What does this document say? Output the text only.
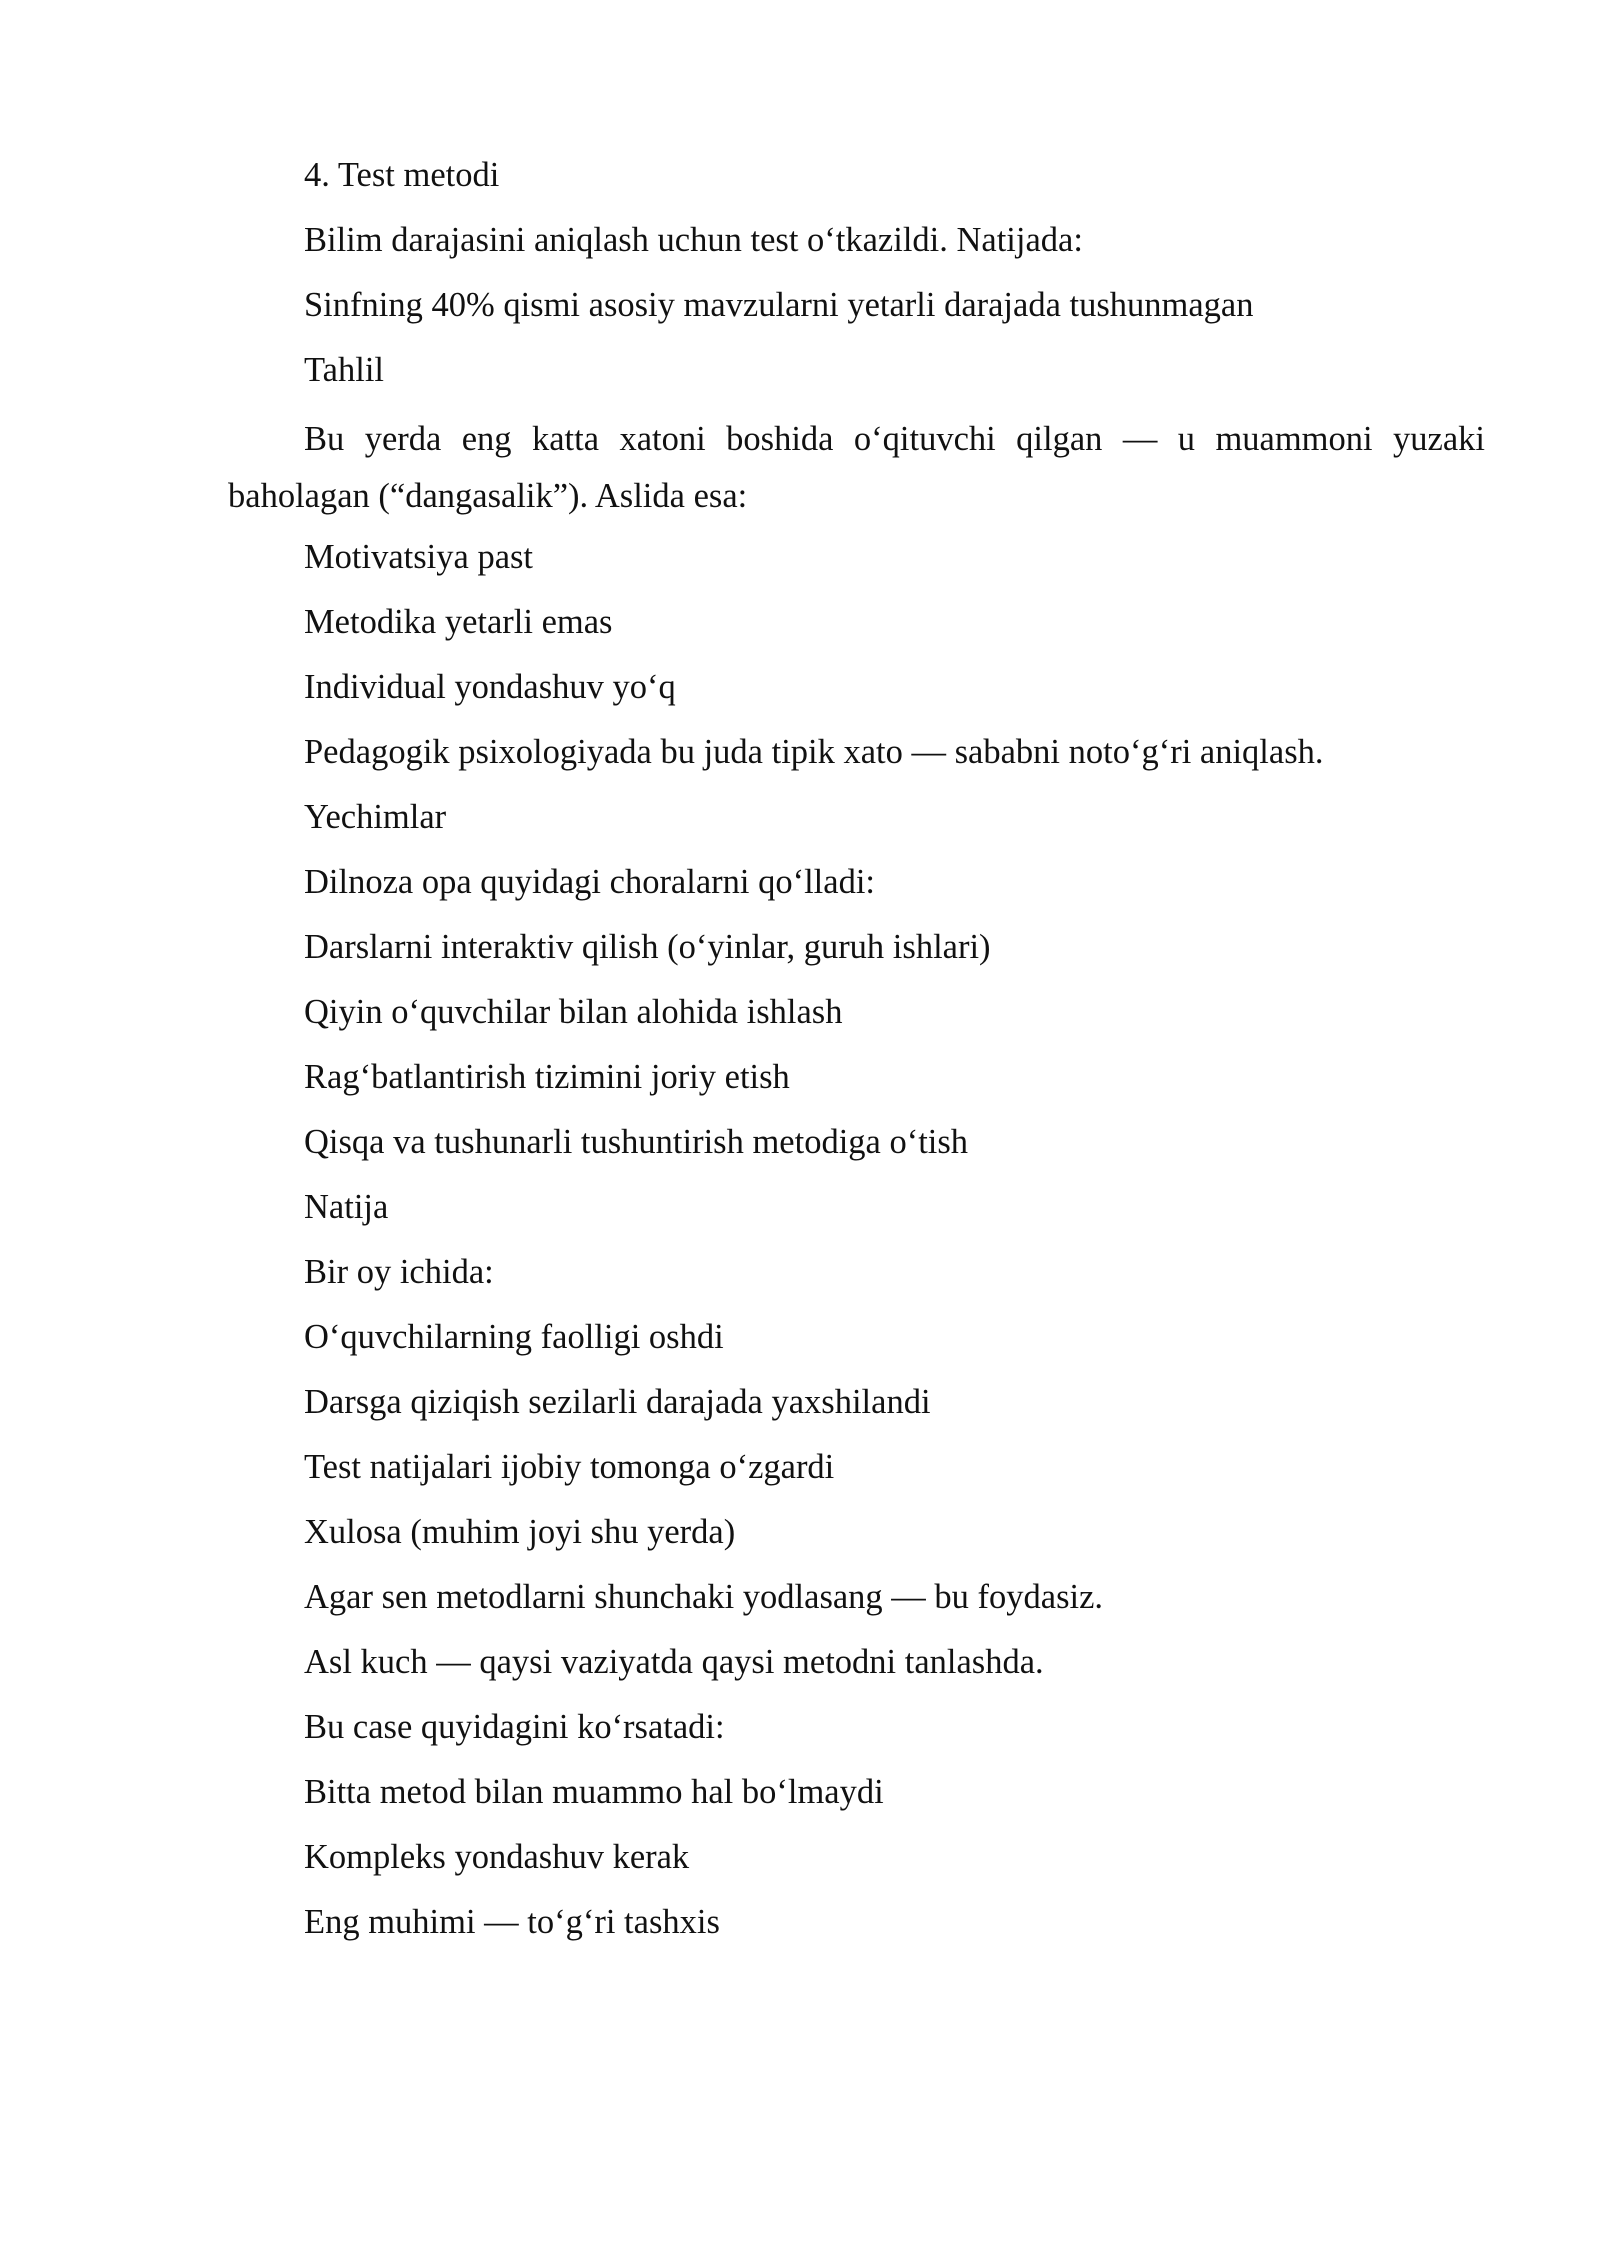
4. Test metodi
Bilim darajasini aniqlash uchun test o‘tkazildi. Natijada:
Sinfning 40% qismi asosiy mavzularni yetarli darajada tushunmagan
Tahlil
Bu yerda eng katta xatoni boshida o‘qituvchi qilgan — u muammoni yuzaki
baholagan (“dangasalik”). Aslida esa:
Motivatsiya past
Metodika yetarli emas
Individual yondashuv yo‘q
Pedagogik psixologiyada bu juda tipik xato — sababni noto‘g‘ri aniqlash.
Yechimlar
Dilnoza opa quyidagi choralarni qo‘lladi:
Darslarni interaktiv qilish (o‘yinlar, guruh ishlari)
Qiyin o‘quvchilar bilan alohida ishlash
Rag‘batlantirish tizimini joriy etish
Qisqa va tushunarli tushuntirish metodiga o‘tish
Natija
Bir oy ichida:
O‘quvchilarning faolligi oshdi
Darsga qiziqish sezilarli darajada yaxshilandi
Test natijalari ijobiy tomonga o‘zgardi
Xulosa (muhim joyi shu yerda)
Agar sen metodlarni shunchaki yodlasang — bu foydasiz.
Asl kuch — qaysi vaziyatda qaysi metodni tanlashda.
Bu case quyidagini ko‘rsatadi:
Bitta metod bilan muammo hal bo‘lmaydi
Kompleks yondashuv kerak
Eng muhimi — to‘g‘ri tashxis
